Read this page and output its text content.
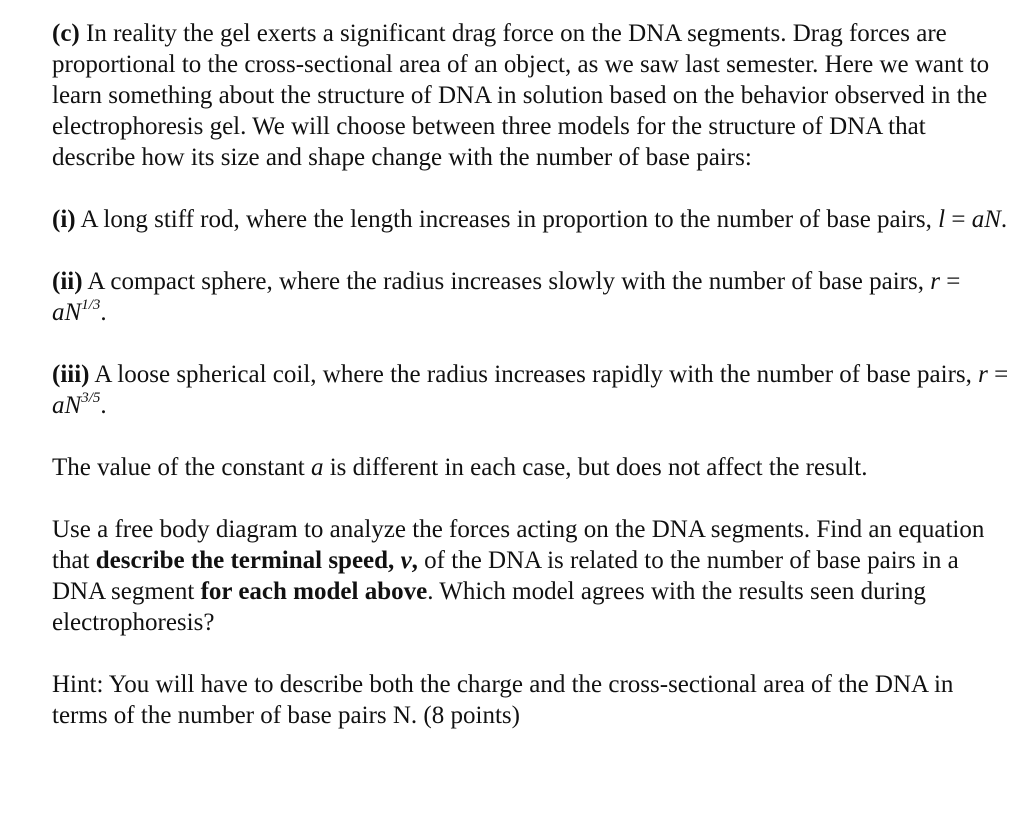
(c) In reality the gel exerts a significant drag force on the DNA segments. Drag forces are proportional to the cross-sectional area of an object, as we saw last semester. Here we want to learn something about the structure of DNA in solution based on the behavior observed in the electrophoresis gel. We will choose between three models for the structure of DNA that describe how its size and shape change with the number of base pairs:

(i) A long stiff rod, where the length increases in proportion to the number of base pairs, l = aN.

(ii) A compact sphere, where the radius increases slowly with the number of base pairs, $r = aN^{1/3}$.

(iii) A loose spherical coil, where the radius increases rapidly with the number of base pairs, $r = aN^{3/5}$.

The value of the constant a is different in each case, but does not affect the result.

Use a free body diagram to analyze the forces acting on the DNA segments. Find an equation that describe the terminal speed, v, of the DNA is related to the number of base pairs in a DNA segment for each model above. Which model agrees with the results seen during electrophoresis?

Hint: You will have to describe both the charge and the cross-sectional area of the DNA in terms of the number of base pairs N. (8 points)
